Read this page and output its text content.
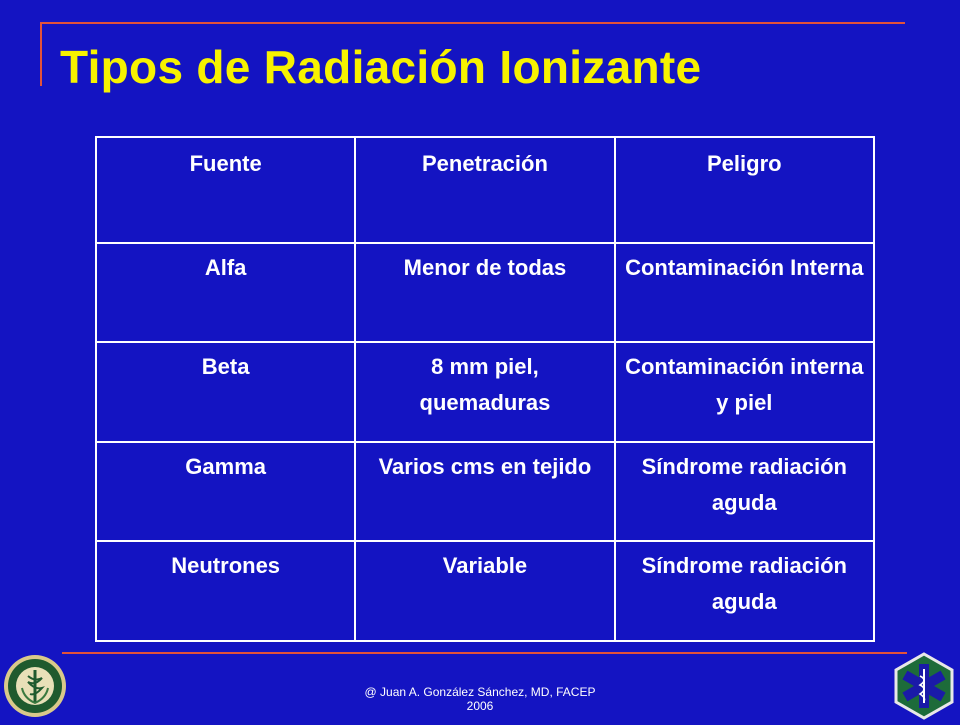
Tipos de Radiación Ionizante
Fuente	Penetración	Peligro
Alfa	Menor de todas	Contaminación Interna
Beta	8 mm piel, quemaduras	Contaminación interna y piel
Gamma	Varios cms en tejido	Síndrome radiación aguda
Neutrones	Variable	Síndrome radiación aguda
@ Juan A. González Sánchez, MD, FACEP
2006
